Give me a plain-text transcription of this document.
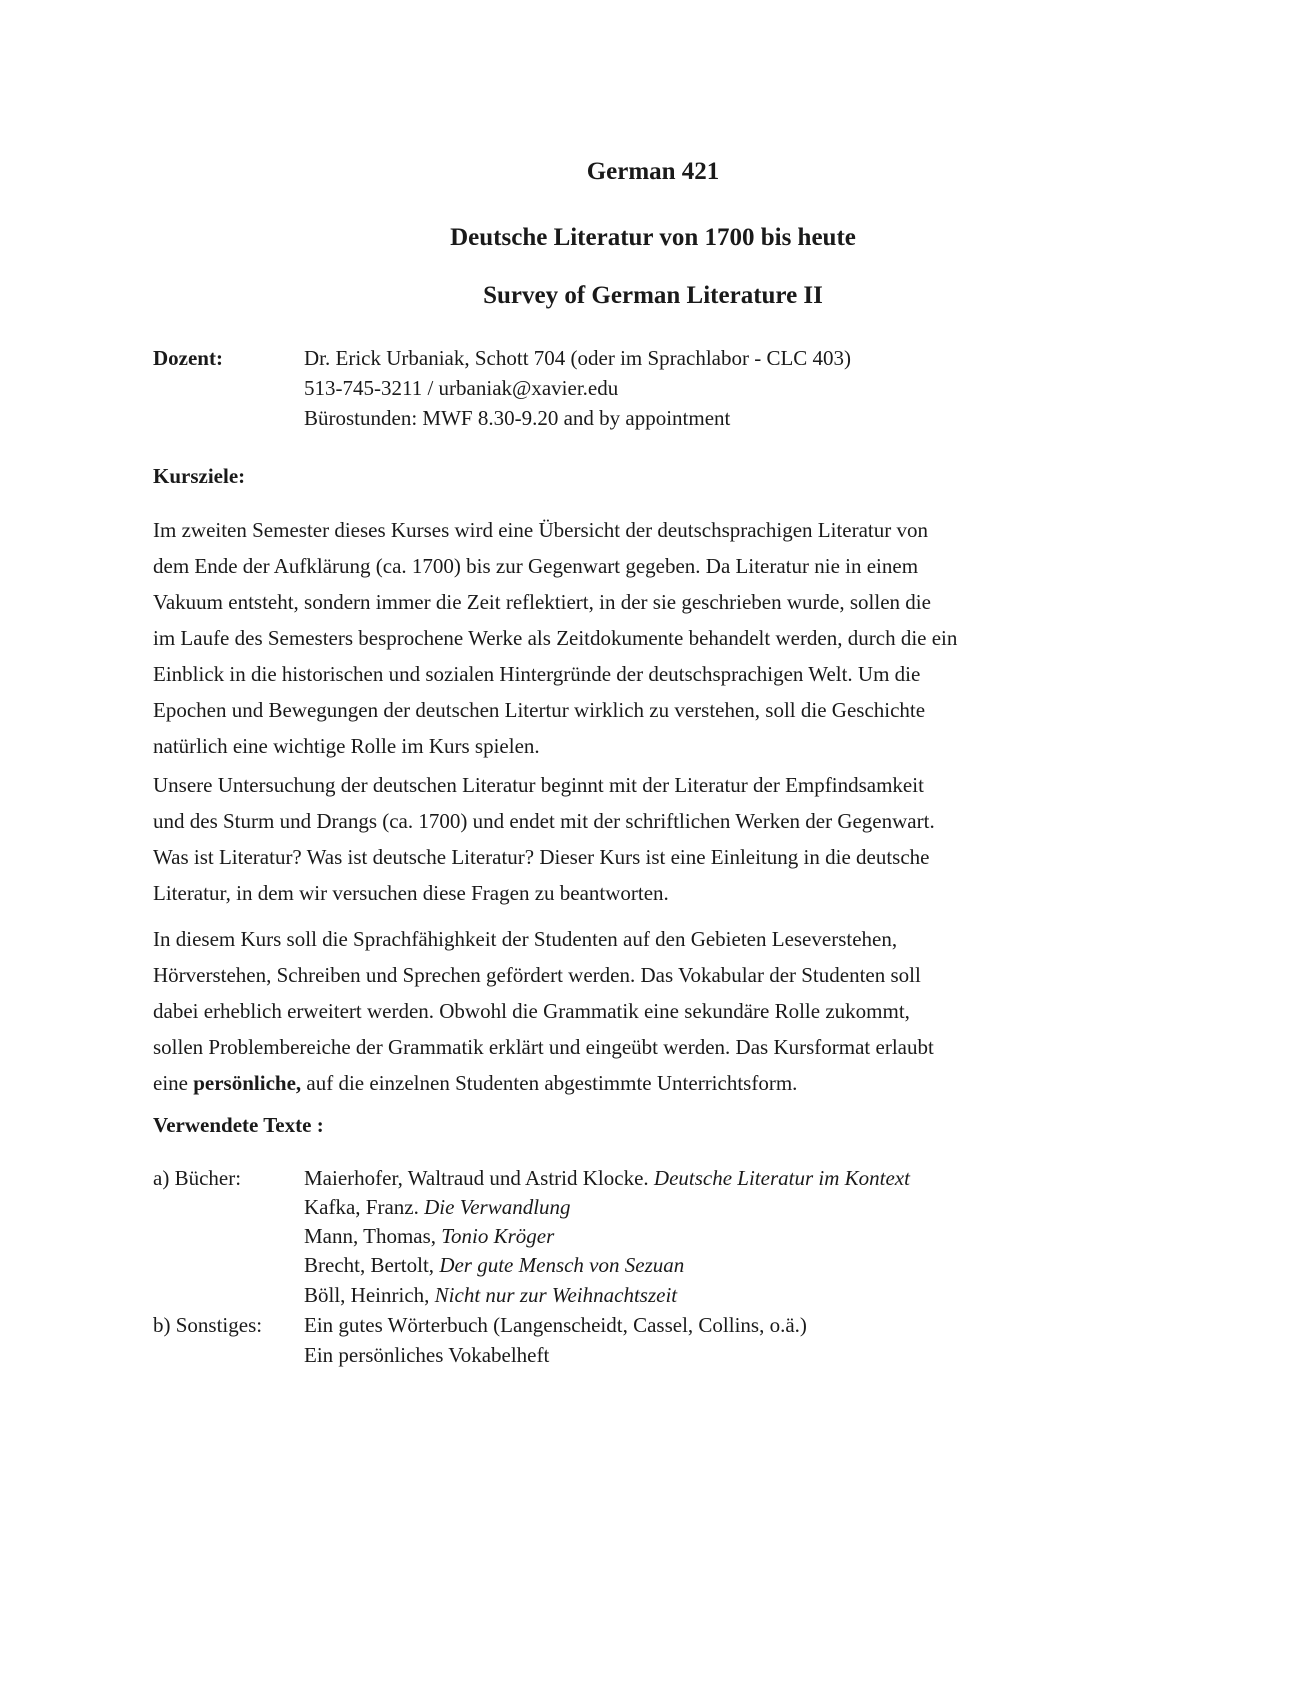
German 421
Deutsche Literatur von 1700 bis heute
Survey of German Literature II
Dozent:	Dr. Erick Urbaniak, Schott 704 (oder im Sprachlabor - CLC 403)
513-745-3211 / urbaniak@xavier.edu
Bürostunden: MWF 8.30-9.20 and by appointment
Kursziele:
Im zweiten Semester dieses Kurses wird eine Übersicht der deutschsprachigen Literatur von
dem Ende der Aufklärung (ca. 1700) bis zur Gegenwart gegeben. Da Literatur nie in einem
Vakuum entsteht, sondern immer die Zeit reflektiert, in der sie geschrieben wurde, sollen die
im Laufe des Semesters besprochene Werke als Zeitdokumente behandelt werden, durch die ein
Einblick in die historischen und sozialen Hintergründe der deutschsprachigen Welt. Um die
Epochen und Bewegungen der deutschen Litertur wirklich zu verstehen, soll die Geschichte
natürlich eine wichtige Rolle im Kurs spielen.
Unsere Untersuchung der deutschen Literatur beginnt mit der Literatur der Empfindsamkeit
und des Sturm und Drangs (ca. 1700) und endet mit der schriftlichen Werken der Gegenwart.
Was ist Literatur? Was ist deutsche Literatur? Dieser Kurs ist eine Einleitung in die deutsche
Literatur, in dem wir versuchen diese Fragen zu beantworten.
In diesem Kurs soll die Sprachfähighkeit der Studenten auf den Gebieten Leseverstehen,
Hörverstehen, Schreiben und Sprechen gefördert werden. Das Vokabular der Studenten soll
dabei erheblich erweitert werden. Obwohl die Grammatik eine sekundäre Rolle zukommt,
sollen Problembereiche der Grammatik erklärt und eingeübt werden. Das Kursformat erlaubt
eine persönliche, auf die einzelnen Studenten abgestimmte Unterrichtsform.
Verwendete Texte :
a) Bücher:	Maierhofer, Waltraud und Astrid Klocke. Deutsche Literatur im Kontext
Kafka, Franz. Die Verwandlung
Mann, Thomas, Tonio Kröger
Brecht, Bertolt, Der gute Mensch von Sezuan
Böll, Heinrich, Nicht nur zur Weihnachtszeit
b) Sonstiges: Ein gutes Wörterbuch (Langenscheidt, Cassel, Collins, o.ä.)
Ein persönliches Vokabelheft
